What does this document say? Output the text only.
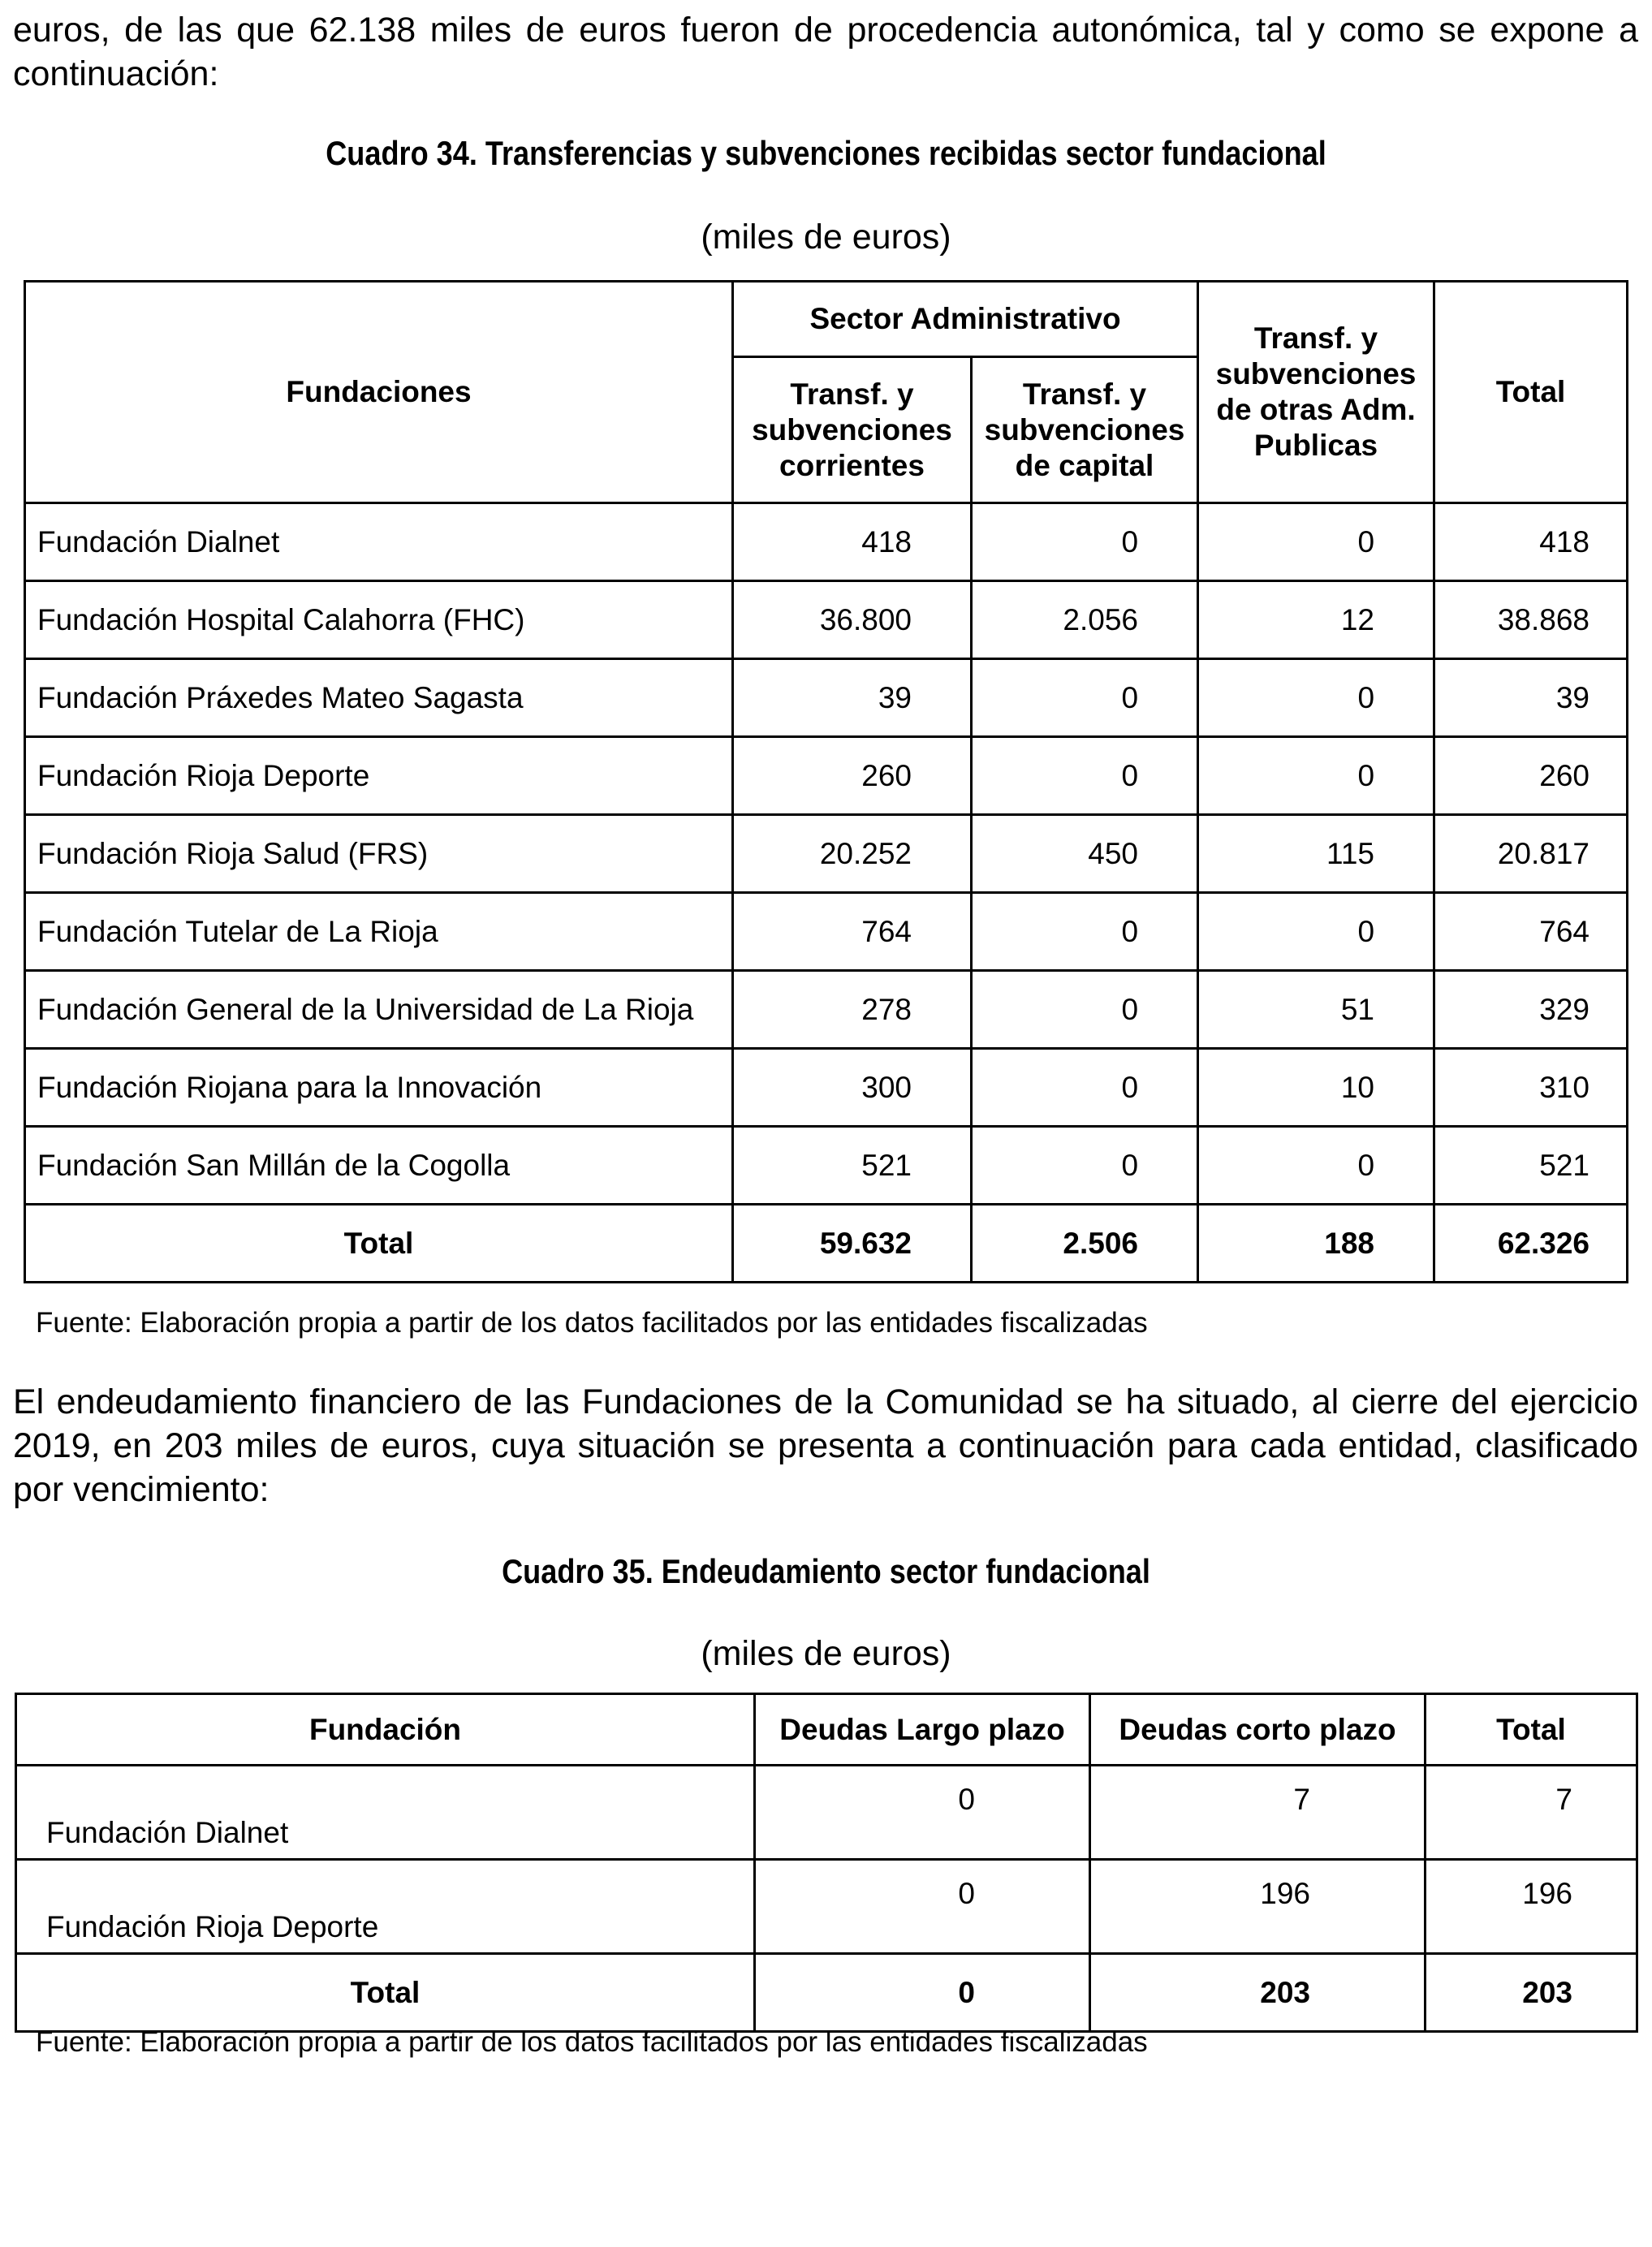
euros, de las que 62.138 miles de euros fueron de procedencia autonómica, tal y como se expone a continuación:

Cuadro 34. Transferencias y subvenciones recibidas sector fundacional

(miles de euros)

Fundaciones	Sector Administrativo		Transf. y subvenciones de otras Adm. Publicas	Total
	Transf. y subvenciones corrientes	Transf. y subvenciones de capital		
Fundación Dialnet	418	0	0	418
Fundación Hospital Calahorra (FHC)	36.800	2.056	12	38.868
Fundación Práxedes Mateo Sagasta	39	0	0	39
Fundación Rioja Deporte	260	0	0	260
Fundación Rioja Salud (FRS)	20.252	450	115	20.817
Fundación Tutelar de La Rioja	764	0	0	764
Fundación General de la Universidad de La Rioja	278	0	51	329
Fundación Riojana para la Innovación	300	0	10	310
Fundación San Millán de la Cogolla	521	0	0	521
Total	59.632	2.506	188	62.326

Fuente: Elaboración propia a partir de los datos facilitados por las entidades fiscalizadas

El endeudamiento financiero de las Fundaciones de la Comunidad se ha situado, al cierre del ejercicio 2019, en 203 miles de euros, cuya situación se presenta a continuación para cada entidad, clasificado por vencimiento:

Cuadro 35. Endeudamiento sector fundacional

(miles de euros)

Fundación	Deudas Largo plazo	Deudas corto plazo	Total
Fundación Dialnet	0	7	7
Fundación Rioja Deporte	0	196	196
Total	0	203	203

Fuente: Elaboración propia a partir de los datos facilitados por las entidades fiscalizadas
